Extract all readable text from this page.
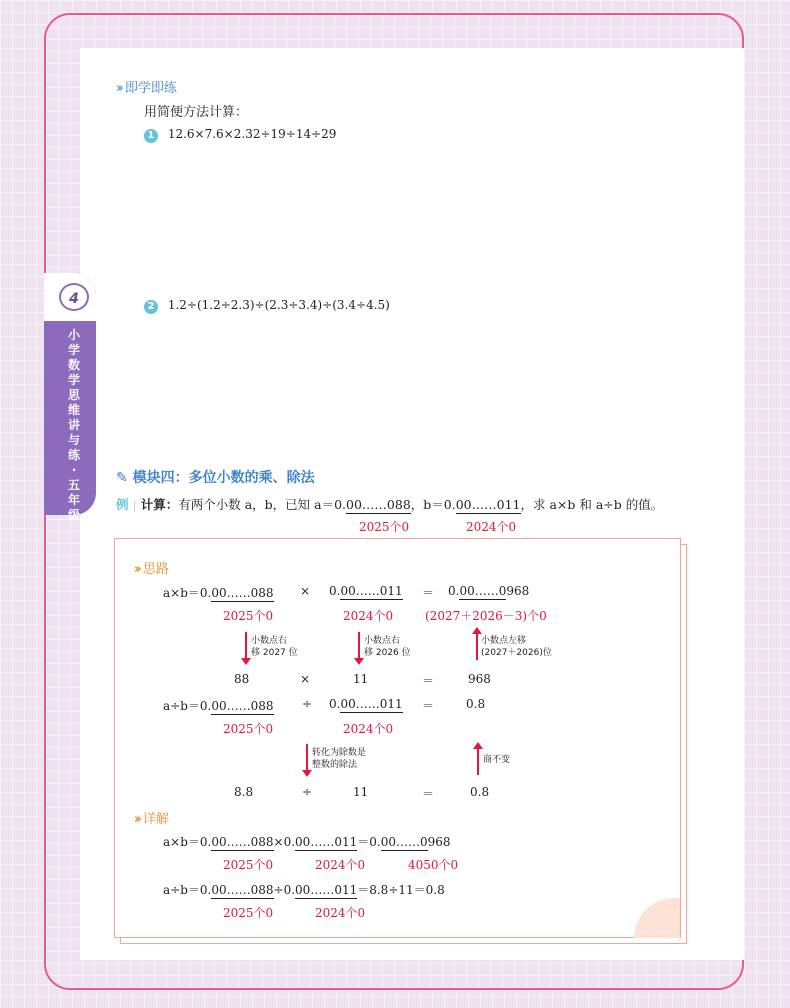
4
小
学
数
学
思
维
讲
与
练
·
五
年
级
›› 即学即练
用简便方法计算：
1 12.6×7.6×2.32÷19÷14÷29
2 1.2÷(1.2÷2.3)÷(2.3÷3.4)÷(3.4÷4.5)
✎ 模块四：多位小数的乘、除法
例 | 计算：有两个小数 a，b，已知 a＝0.00……088，b＝0.00……011，求 a×b 和 a÷b 的值。
2025个0	2024个0
›› 思路
a×b＝0.00……088 × 0.00……011 ＝ 0.00……0968
2025个0	2024个0	(2027＋2026－3)个0
小数点右
移 2027 位
小数点右
移 2026 位
小数点左移
(2027＋2026)位
88	×	11	＝	968
a÷b＝0.00……088 ÷ 0.00……011 ＝	0.8
2025个0	2024个0
转化为除数是
整数的除法	商不变
8.8	÷	11	＝	0.8
›› 详解
a×b＝0.00……088×0.00……011＝0.00……0968
2025个0	2024个0	4050个0
a÷b＝0.00……088÷0.00……011＝8.8÷11＝0.8
2025个0	2024个0
